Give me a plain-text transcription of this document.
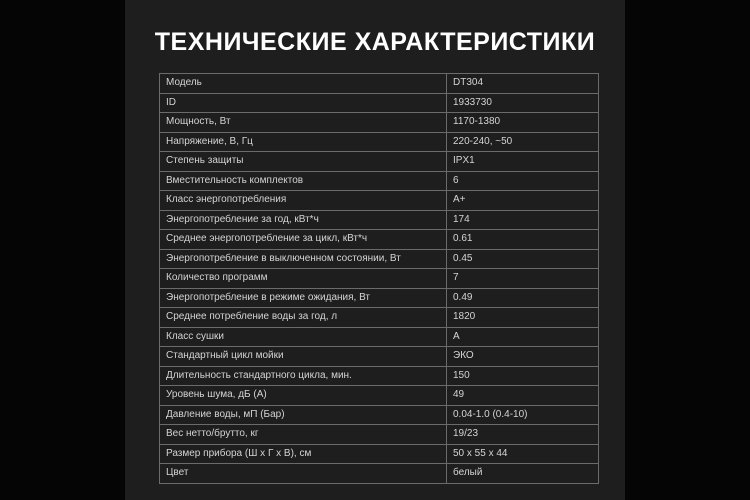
ТЕХНИЧЕСКИЕ ХАРАКТЕРИСТИКИ
Модель	DT304
ID	1933730
Мощность, Вт	1170-1380
Напряжение, В, Гц	220-240, ~50
Степень защиты	IPX1
Вместительность комплектов	6
Класс энергопотребления	A+
Энергопотребление за год, кВт*ч	174
Среднее энергопотребление за цикл, кВт*ч	0.61
Энергопотребление в выключенном состоянии, Вт	0.45
Количество программ	7
Энергопотребление в режиме ожидания, Вт	0.49
Среднее потребление воды за год, л	1820
Класс сушки	A
Стандартный цикл мойки	ЭКО
Длительность стандартного цикла, мин.	150
Уровень шума, дБ (А)	49
Давление воды, мП (Бар)	0.04-1.0 (0.4-10)
Вес нетто/брутто, кг	19/23
Размер прибора (Ш х Г х В), см	50 x 55 x 44
Цвет	белый
